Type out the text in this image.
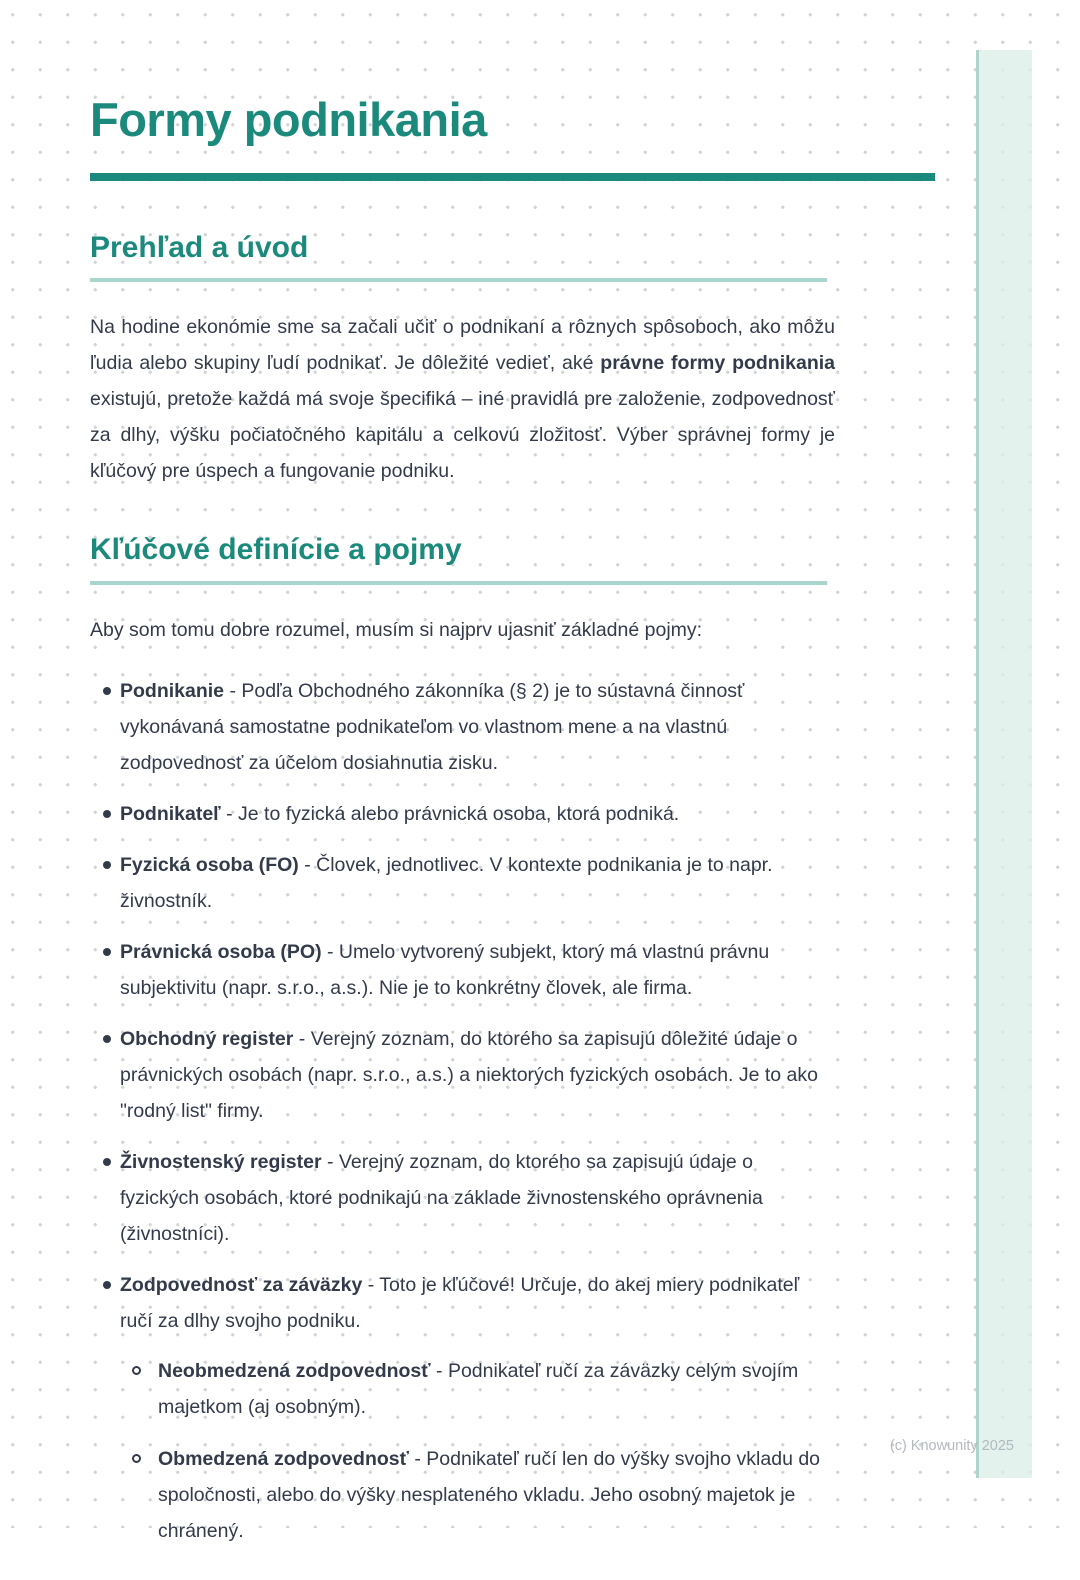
Formy podnikania
Prehľad a úvod

Na hodine ekonómie sme sa začali učiť o podnikaní a rôznych spôsoboch, ako môžu ľudia alebo skupiny ľudí podnikať. Je dôležité vedieť, aké právne formy podnikania existujú, pretože každá má svoje špecifiká – iné pravidlá pre založenie, zodpovednosť za dlhy, výšku počiatočného kapitálu a celkovú zložitosť. Výber správnej formy je kľúčový pre úspech a fungovanie podniku.

Kľúčové definície a pojmy

Aby som tomu dobre rozumel, musím si najprv ujasniť základné pojmy:

Podnikanie - Podľa Obchodného zákonníka (§ 2) je to sústavná činnosť vykonávaná samostatne podnikateľom vo vlastnom mene a na vlastnú zodpovednosť za účelom dosiahnutia zisku.
Podnikateľ - Je to fyzická alebo právnická osoba, ktorá podniká.
Fyzická osoba (FO) - Človek, jednotlivec. V kontexte podnikania je to napr. živnostník.
Právnická osoba (PO) - Umelo vytvorený subjekt, ktorý má vlastnú právnu subjektivitu (napr. s.r.o., a.s.). Nie je to konkrétny človek, ale firma.
Obchodný register - Verejný zoznam, do ktorého sa zapisujú dôležité údaje o právnických osobách (napr. s.r.o., a.s.) a niektorých fyzických osobách. Je to ako "rodný list" firmy.
Živnostenský register - Verejný zoznam, do ktorého sa zapisujú údaje o fyzických osobách, ktoré podnikajú na základe živnostenského oprávnenia (živnostníci).
Zodpovednosť za záväzky - Toto je kľúčové! Určuje, do akej miery podnikateľ ručí za dlhy svojho podniku.
Neobmedzená zodpovednosť - Podnikateľ ručí za záväzky celým svojím majetkom (aj osobným).
Obmedzená zodpovednosť - Podnikateľ ručí len do výšky svojho vkladu do spoločnosti, alebo do výšky nesplateného vkladu. Jeho osobný majetok je chránený.
(c) Knowunity 2025
